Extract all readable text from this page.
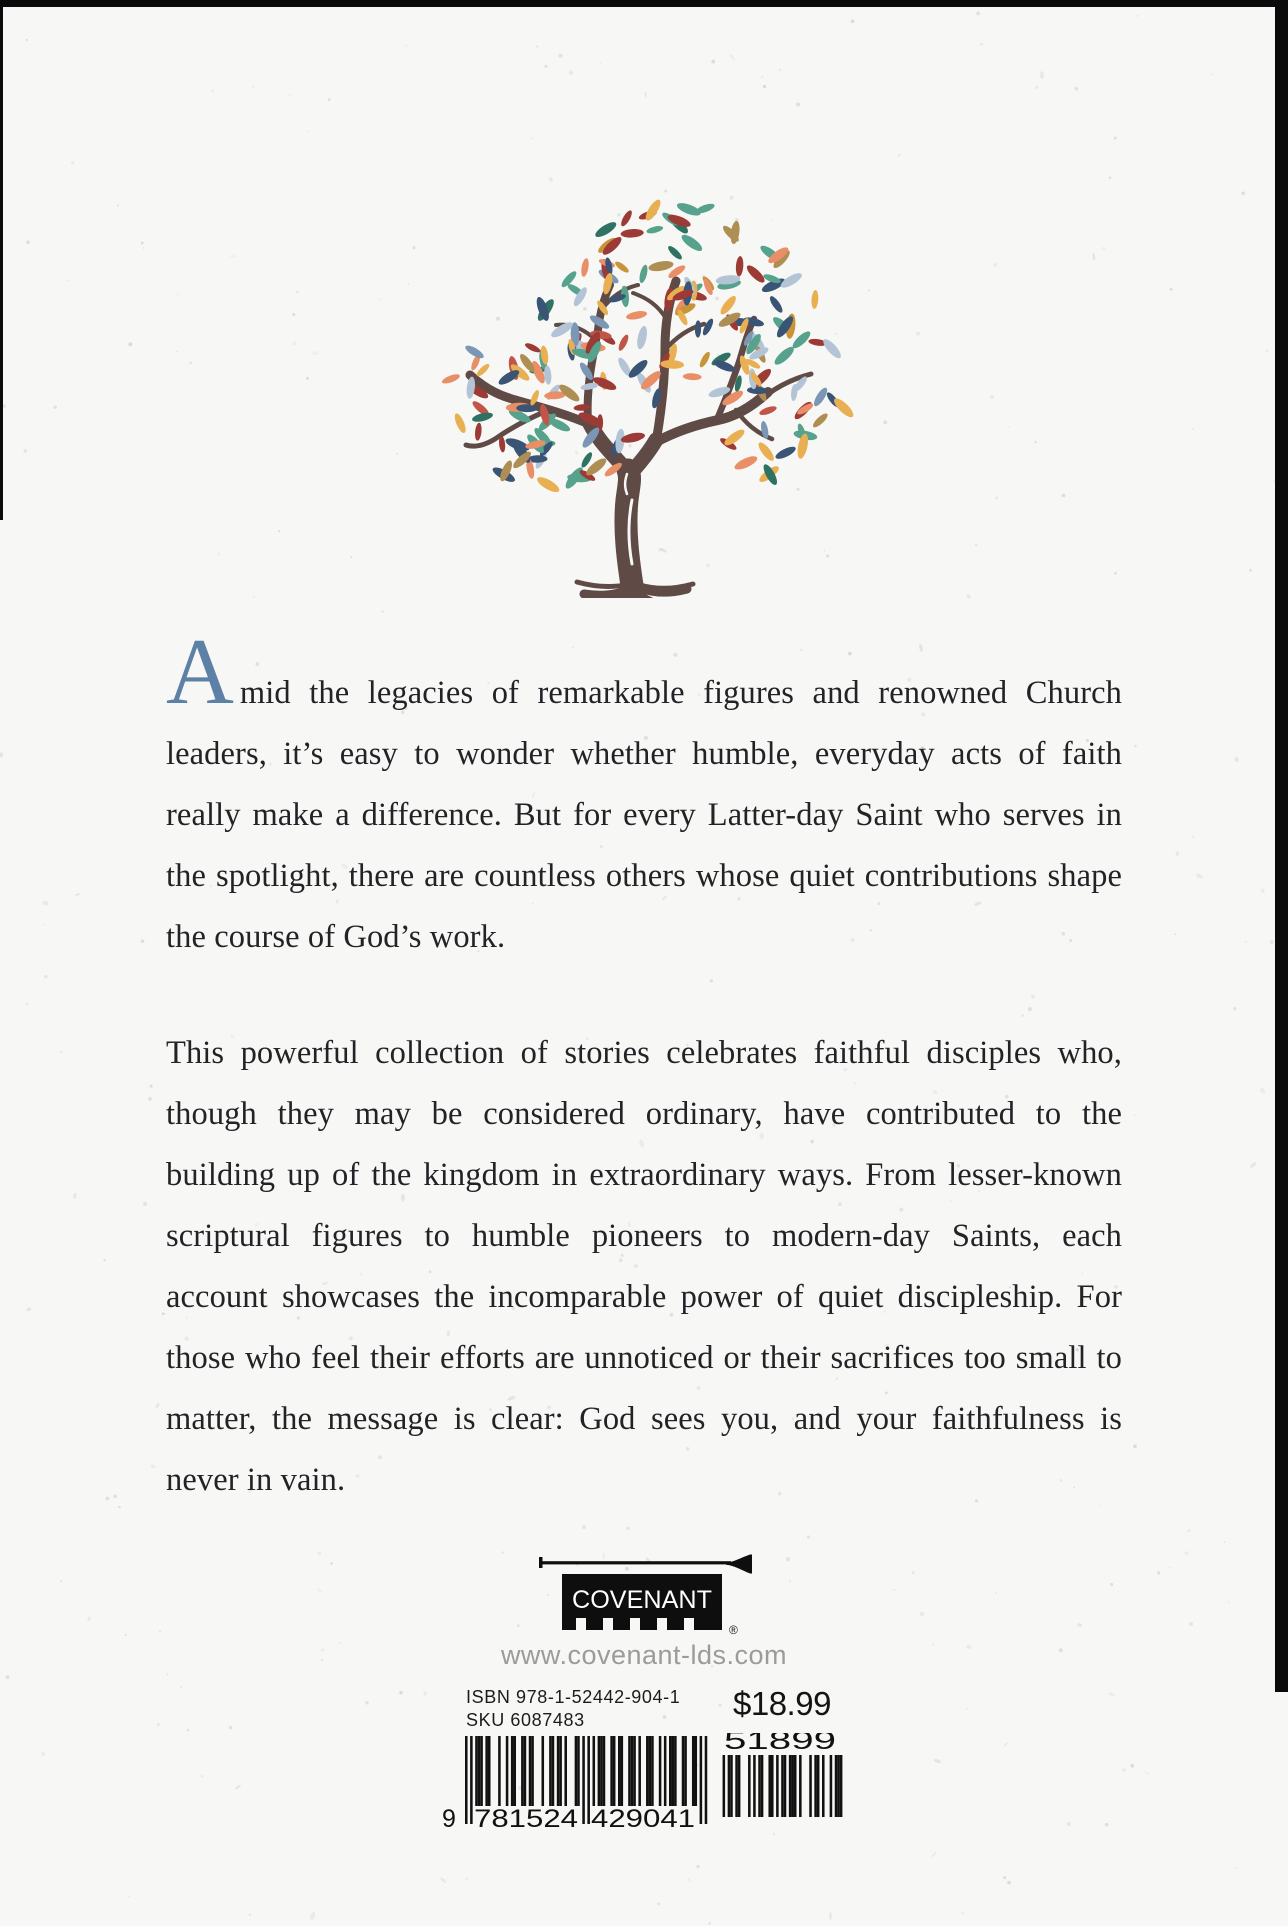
Amid the legacies of remarkable figures and renowned Church leaders, it’s easy to wonder whether humble, everyday acts of faith really make a difference. But for every Latter-day Saint who serves in the spotlight, there are countless others whose quiet contributions shape the course of God’s work.

This powerful collection of stories celebrates faithful disciples who, though they may be considered ordinary, have contributed to the building up of the kingdom in extraordinary ways. From lesser-known scriptural figures to humble pioneers to modern-day Saints, each account showcases the incomparable power of quiet discipleship. For those who feel their efforts are unnoticed or their sacrifices too small to matter, the message is clear: God sees you, and your faithfulness is never in vain.

COVENANT
®
www.covenant-lds.com
ISBN 978-1-52442-904-1
SKU 6087483	$18.99
9 781524 429041
51899
